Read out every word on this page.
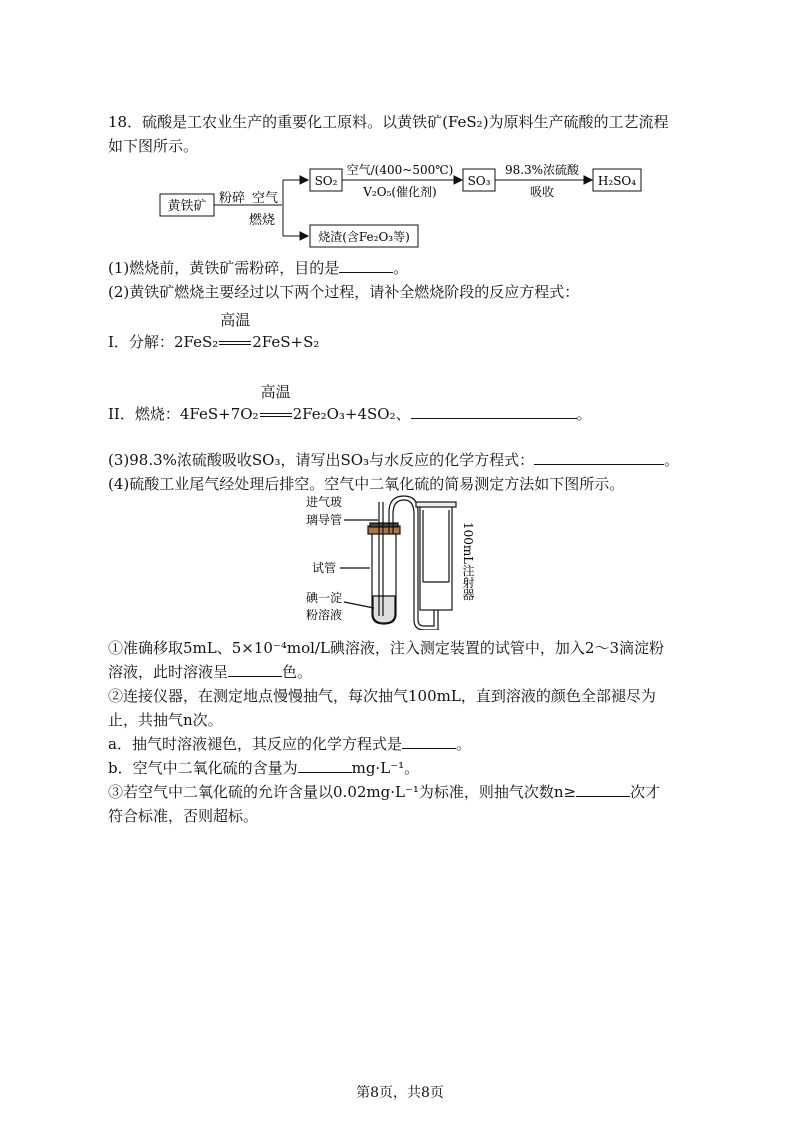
18．硫酸是工农业生产的重要化工原料。以黄铁矿(FeS₂)为原料生产硫酸的工艺流程
如下图所示。
黄铁矿
粉碎 空气
燃烧
SO₂
空气/(400~500℃)
V₂O₅(催化剂)
SO₃
98.3%浓硫酸
吸收
H₂SO₄
烧渣(含Fe₂O₃等)
(1)燃烧前，黄铁矿需粉碎，目的是	。
(2)黄铁矿燃烧主要经过以下两个过程，请补全燃烧阶段的反应方程式：
I．分解：2FeS₂
高温
2FeS+S₂
II．燃烧：4FeS+7O₂
高温
2Fe₂O₃+4SO₂、	。
(3)98.3%浓硫酸吸收SO₃，请写出SO₃与水反应的化学方程式：	。
(4)硫酸工业尾气经处理后排空。空气中二氧化硫的简易测定方法如下图所示。
进气玻
璃导管
试管
碘一淀
粉溶液
100mL注射器
①准确移取5mL、5×10⁻⁴mol/L碘溶液，注入测定装置的试管中，加入2～3滴淀粉
溶液，此时溶液呈	色。
②连接仪器，在测定地点慢慢抽气，每次抽气100mL，直到溶液的颜色全部褪尽为
止，共抽气n次。
a．抽气时溶液褪色，其反应的化学方程式是	。
b．空气中二氧化硫的含量为	mg·L⁻¹。
③若空气中二氧化硫的允许含量以0.02mg·L⁻¹为标准，则抽气次数n≥	次才
符合标准，否则超标。
第8页，共8页
